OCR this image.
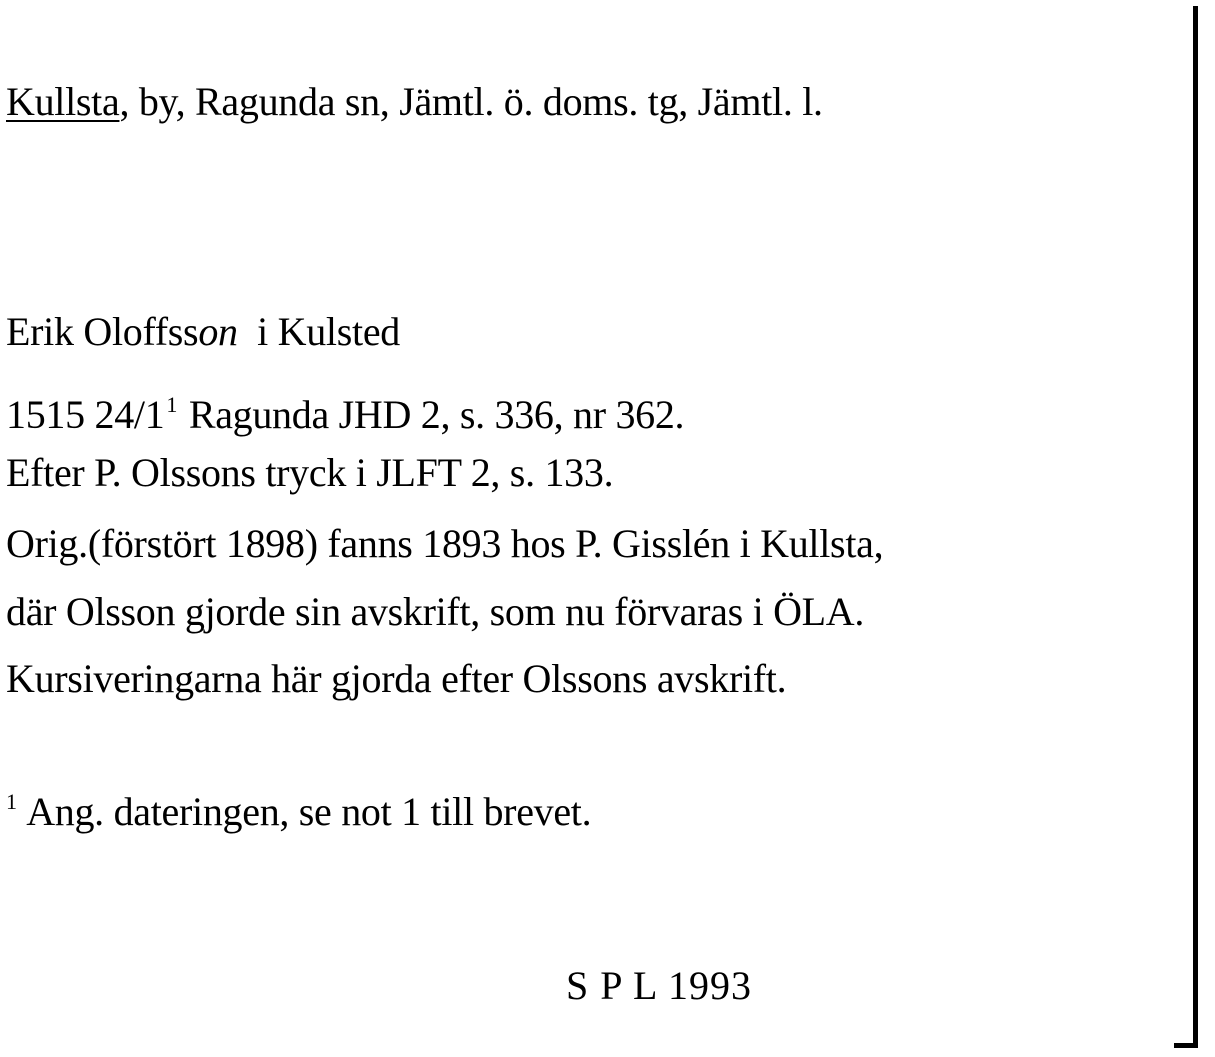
Kullsta, by, Ragunda sn, Jämtl. ö. doms. tg, Jämtl. l.
Erik Oloffsson  i Kulsted
1515 $24/1^1$ Ragunda JHD 2, s. 336, nr 362.
Efter P. Olssons tryck i JLFT 2, s. 133.
Orig.(förstört 1898) fanns 1893 hos P. Gisslén i Kullsta,
där Olsson gjorde sin avskrift, som nu förvaras i ÖLA.
Kursiveringarna här gjorda efter Olssons avskrift.
$^1$ Ang. dateringen, se not 1 till brevet.
S P L 1993
